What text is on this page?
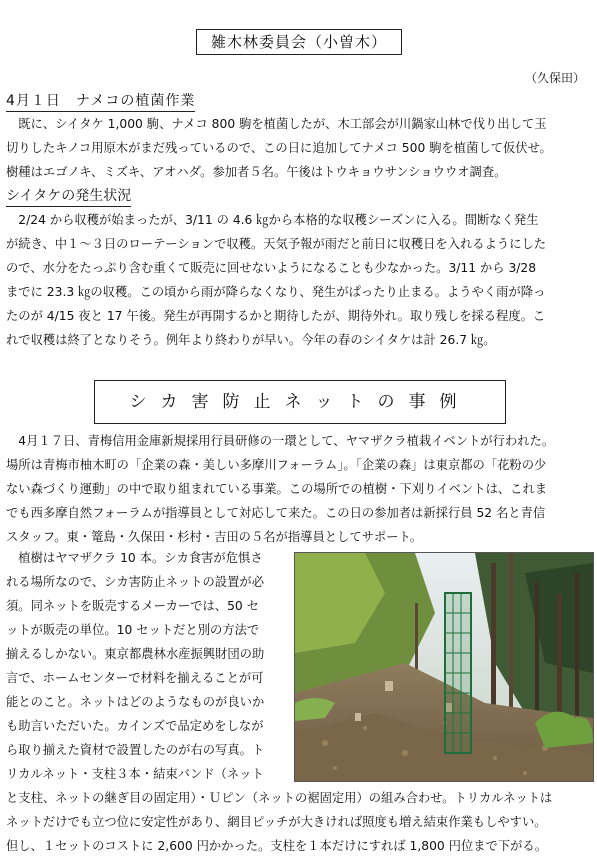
雑木林委員会（小曽木）
（久保田）
4月１日　ナメコの植菌作業
　既に、シイタケ 1,000 駒、ナメコ 800 駒を植菌したが、木工部会が川鍋家山林で伐り出して玉
切りしたキノコ用原木がまだ残っているので、この日に追加してナメコ 500 駒を植菌して仮伏せ。
樹種はエゴノキ、ミズキ、アオハダ。参加者５名。午後はトウキョウサンショウウオ調査。
シイタケの発生状況
　2/24 から収穫が始まったが、3/11 の 4.6 ㎏から本格的な収穫シーズンに入る。間断なく発生
が続き、中１～３日のローテーションで収穫。天気予報が雨だと前日に収穫日を入れるようにした
ので、水分をたっぷり含む重くて販売に回せないようになることも少なかった。3/11 から 3/28
までに 23.3 ㎏の収穫。この頃から雨が降らなくなり、発生がぱったり止まる。ようやく雨が降っ
たのが 4/15 夜と 17 午後。発生が再開するかと期待したが、期待外れ。取り残しを採る程度。こ
れで収穫は終了となりそう。例年より終わりが早い。今年の春のシイタケは計 26.7 ㎏。
シカ害防止ネットの事例
　4月１７日、青梅信用金庫新規採用行員研修の一環として、ヤマザクラ植栽イベントが行われた。
場所は青梅市柚木町の「企業の森・美しい多摩川フォーラム」。「企業の森」は東京都の「花粉の少
ない森づくり運動」の中で取り組まれている事業。この場所での植樹・下刈りイベントは、これま
でも西多摩自然フォーラムが指導員として対応して来た。この日の参加者は新採行員 52 名と青信
スタッフ。東・篭島・久保田・杉村・吉田の５名が指導員としてサポート。
　植樹はヤマザクラ 10 本。シカ食害が危惧さ
れる場所なので、シカ害防止ネットの設置が必
須。同ネットを販売するメーカーでは、50 セ
ットが販売の単位。10 セットだと別の方法で
揃えるしかない。東京都農林水産振興財団の助
言で、ホームセンターで材料を揃えることが可
能とのこと。ネットはどのようなものが良いか
も助言いただいた。カインズで品定めをしなが
ら取り揃えた資材で設置したのが右の写真。ト
リカルネット・支柱３本・結束バンド（ネット
と支柱、ネットの継ぎ目の固定用）・Ｕピン（ネットの裾固定用）の組み合わせ。トリカルネットは
ネットだけでも立つ位に安定性があり、網目ピッチが大きければ照度も増え結束作業もしやすい。
但し、１セットのコストに 2,600 円かかった。支柱を１本だけにすれば 1,800 円位まで下がる。
